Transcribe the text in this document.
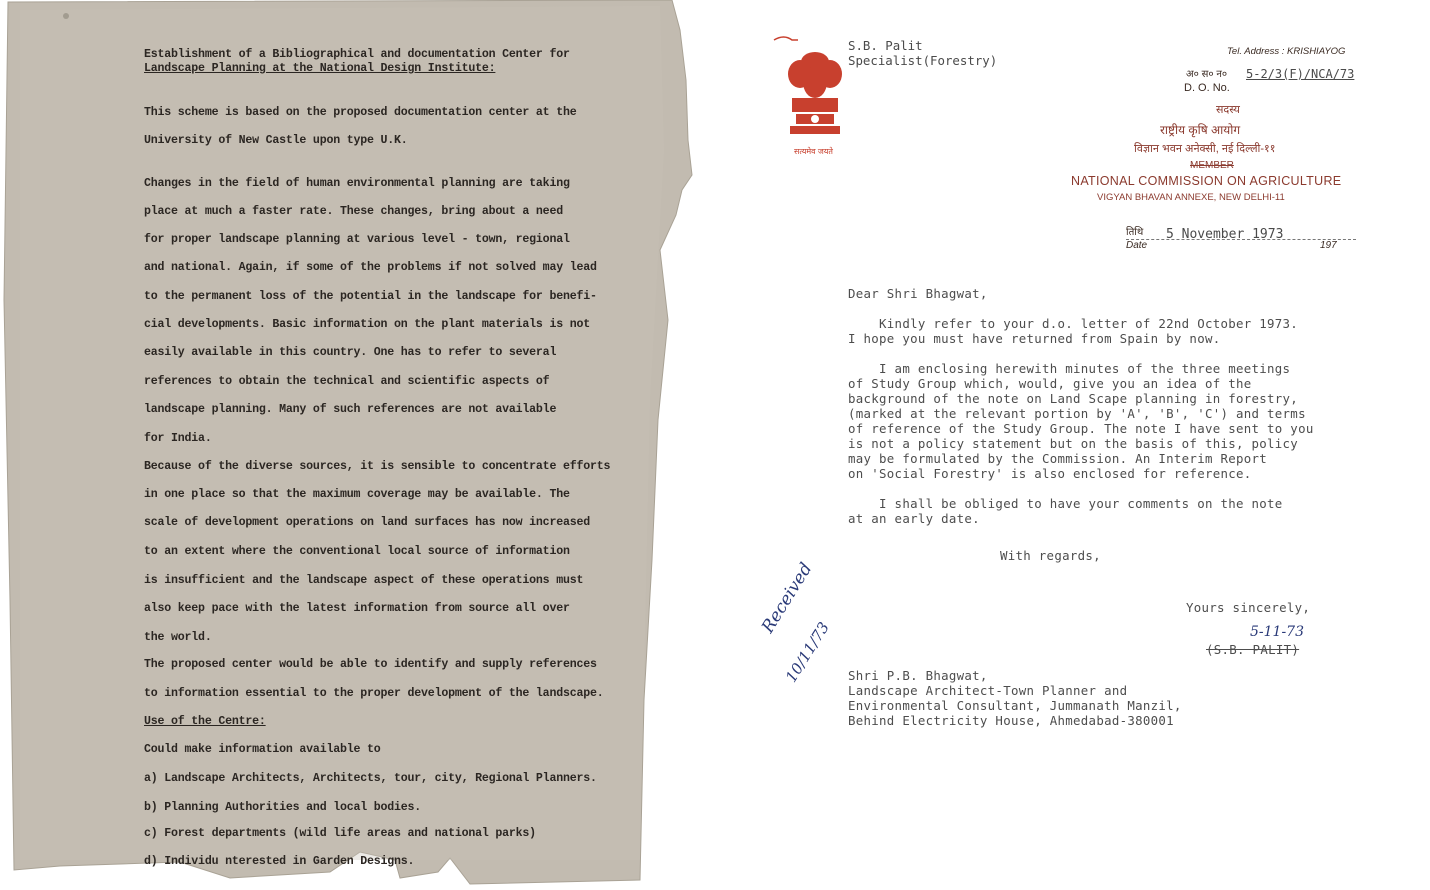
Establishment of a Bibliographical and documentation Center for
Landscape Planning at the National Design Institute:
This scheme is based on the proposed documentation center at the
University of New Castle upon type U.K.
Changes in the field of human environmental planning are taking
place at much a faster rate. These changes, bring about a need
for proper landscape planning at various level - town, regional
and national. Again, if some of the problems if not solved may lead
to the permanent loss of the potential in the landscape for benefi-
cial developments. Basic information on the plant materials is not
easily available in this country. One has to refer to several
references to obtain the technical and scientific aspects of
landscape planning. Many of such references are not available
for India.
Because of the diverse sources, it is sensible to concentrate efforts
in one place so that the maximum coverage may be available. The
scale of development operations on land surfaces has now increased
to an extent where the conventional local source of information
is insufficient and the landscape aspect of these operations must
also keep pace with the latest information from source all over
the world.
The proposed center would be able to identify and supply references
to information essential to the proper development of the landscape.
Use of the Centre:
Could make information available to
a) Landscape Architects, Architects, tour, city, Regional Planners.
b) Planning Authorities and local bodies.
c) Forest departments (wild life areas and national parks)
d) Individu nterested in Garden Designs.
सत्यमेव जयते
S.B. Palit
Specialist(Forestry)
Tel. Address : KRISHIAYOG
अ० स० न० 5-2/3(F)/NCA/73
D. O. No.
सदस्य
राष्ट्रीय कृषि आयोग
विज्ञान भवन अनेक्सी, नई दिल्ली-११
MEMBER
NATIONAL COMMISSION ON AGRICULTURE
VIGYAN BHAVAN ANNEXE, NEW DELHI-11
तिथि
Date
5 November 1973
197
Dear Shri Bhagwat,
Kindly refer to your d.o. letter of 22nd October 1973.
I hope you must have returned from Spain by now.
I am enclosing herewith minutes of the three meetings
of Study Group which, would, give you an idea of the
background of the note on Land Scape planning in forestry,
(marked at the relevant portion by 'A', 'B', 'C') and terms
of reference of the Study Group. The note I have sent to you
is not a policy statement but on the basis of this, policy
may be formulated by the Commission. An Interim Report
on 'Social Forestry' is also enclosed for reference.
I shall be obliged to have your comments on the note
at an early date.
With regards,
Yours sincerely,
5-11-73
(S.B. PALIT)
Received
10/11/73 Shri P.B. Bhagwat,
Landscape Architect-Town Planner and
Environmental Consultant, Jummanath Manzil,
Behind Electricity House, Ahmedabad-380001
